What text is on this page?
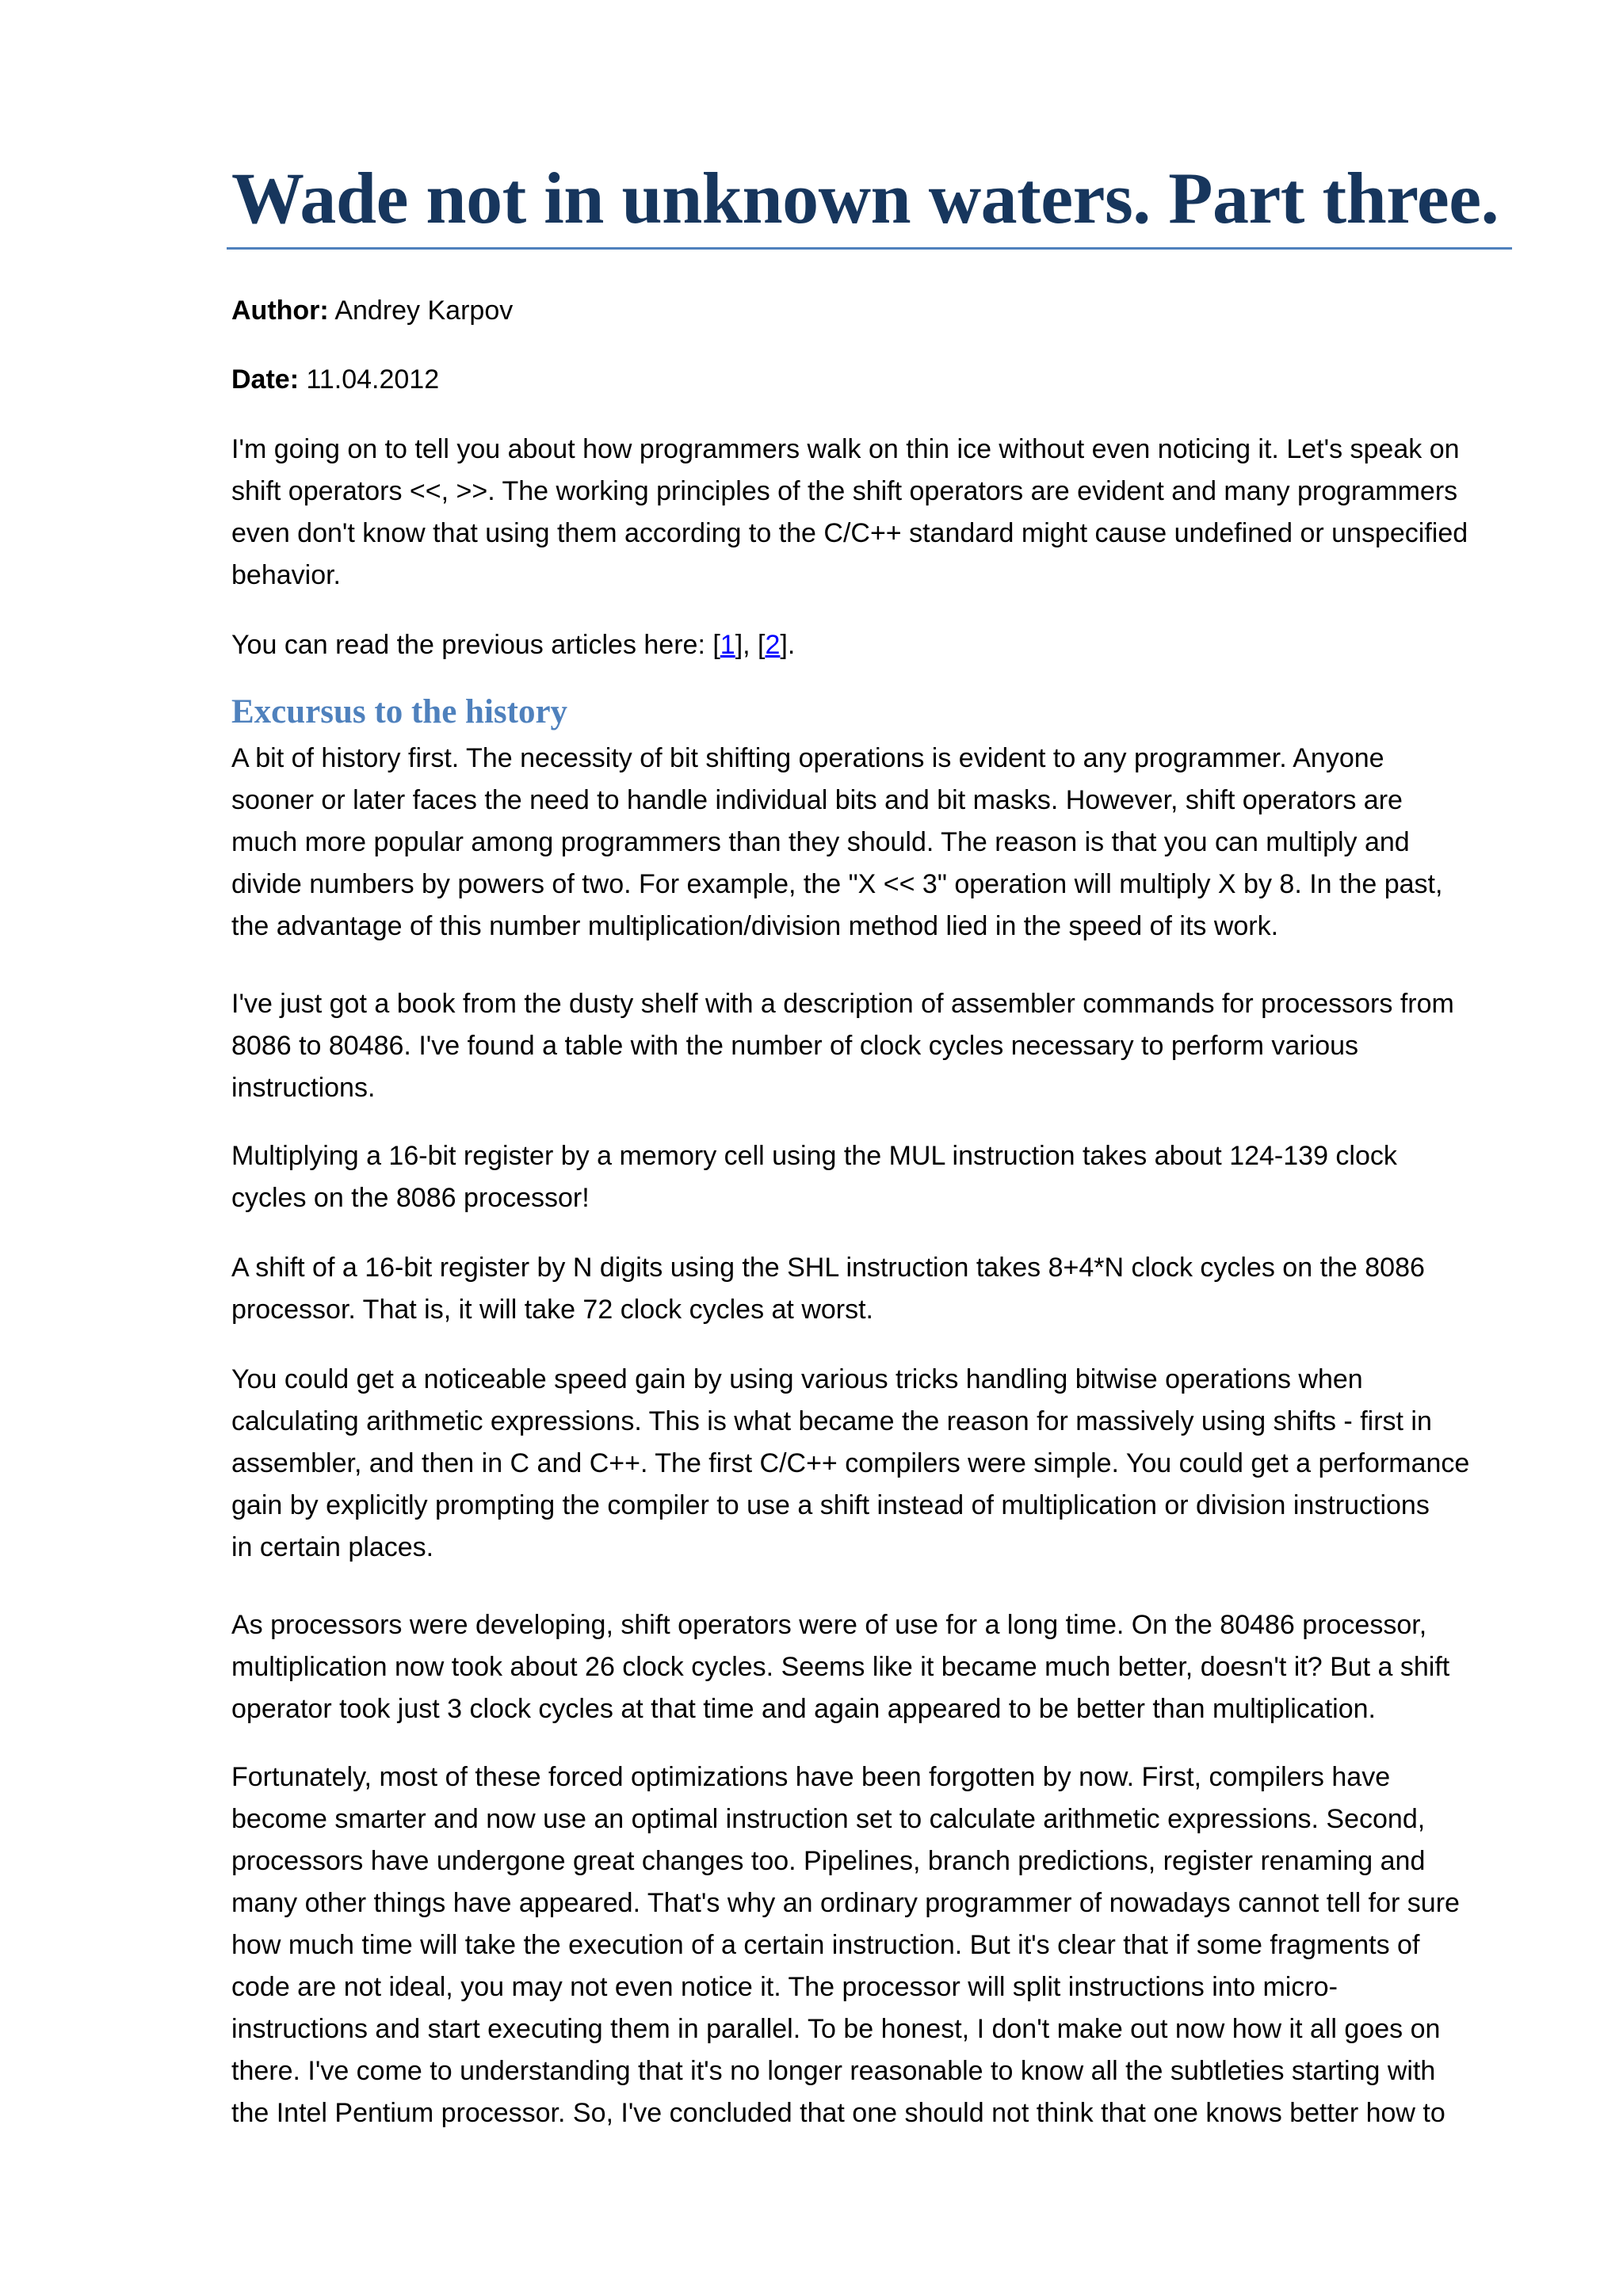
Wade not in unknown waters. Part three.
Author: Andrey Karpov
Date: 11.04.2012

I'm going on to tell you about how programmers walk on thin ice without even noticing it. Let's speak on
shift operators <<, >>. The working principles of the shift operators are evident and many programmers
even don't know that using them according to the C/C++ standard might cause undefined or unspecified
behavior.

You can read the previous articles here: [1], [2].

Excursus to the history

A bit of history first. The necessity of bit shifting operations is evident to any programmer. Anyone
sooner or later faces the need to handle individual bits and bit masks. However, shift operators are
much more popular among programmers than they should. The reason is that you can multiply and
divide numbers by powers of two. For example, the "X << 3" operation will multiply X by 8. In the past,
the advantage of this number multiplication/division method lied in the speed of its work.

I've just got a book from the dusty shelf with a description of assembler commands for processors from
8086 to 80486. I've found a table with the number of clock cycles necessary to perform various
instructions.

Multiplying a 16-bit register by a memory cell using the MUL instruction takes about 124-139 clock
cycles on the 8086 processor!

A shift of a 16-bit register by N digits using the SHL instruction takes 8+4*N clock cycles on the 8086
processor. That is, it will take 72 clock cycles at worst.

You could get a noticeable speed gain by using various tricks handling bitwise operations when
calculating arithmetic expressions. This is what became the reason for massively using shifts - first in
assembler, and then in C and C++. The first C/C++ compilers were simple. You could get a performance
gain by explicitly prompting the compiler to use a shift instead of multiplication or division instructions
in certain places.

As processors were developing, shift operators were of use for a long time. On the 80486 processor,
multiplication now took about 26 clock cycles. Seems like it became much better, doesn't it? But a shift
operator took just 3 clock cycles at that time and again appeared to be better than multiplication.

Fortunately, most of these forced optimizations have been forgotten by now. First, compilers have
become smarter and now use an optimal instruction set to calculate arithmetic expressions. Second,
processors have undergone great changes too. Pipelines, branch predictions, register renaming and
many other things have appeared. That's why an ordinary programmer of nowadays cannot tell for sure
how much time will take the execution of a certain instruction. But it's clear that if some fragments of
code are not ideal, you may not even notice it. The processor will split instructions into micro-
instructions and start executing them in parallel. To be honest, I don't make out now how it all goes on
there. I've come to understanding that it's no longer reasonable to know all the subtleties starting with
the Intel Pentium processor. So, I've concluded that one should not think that one knows better how to
